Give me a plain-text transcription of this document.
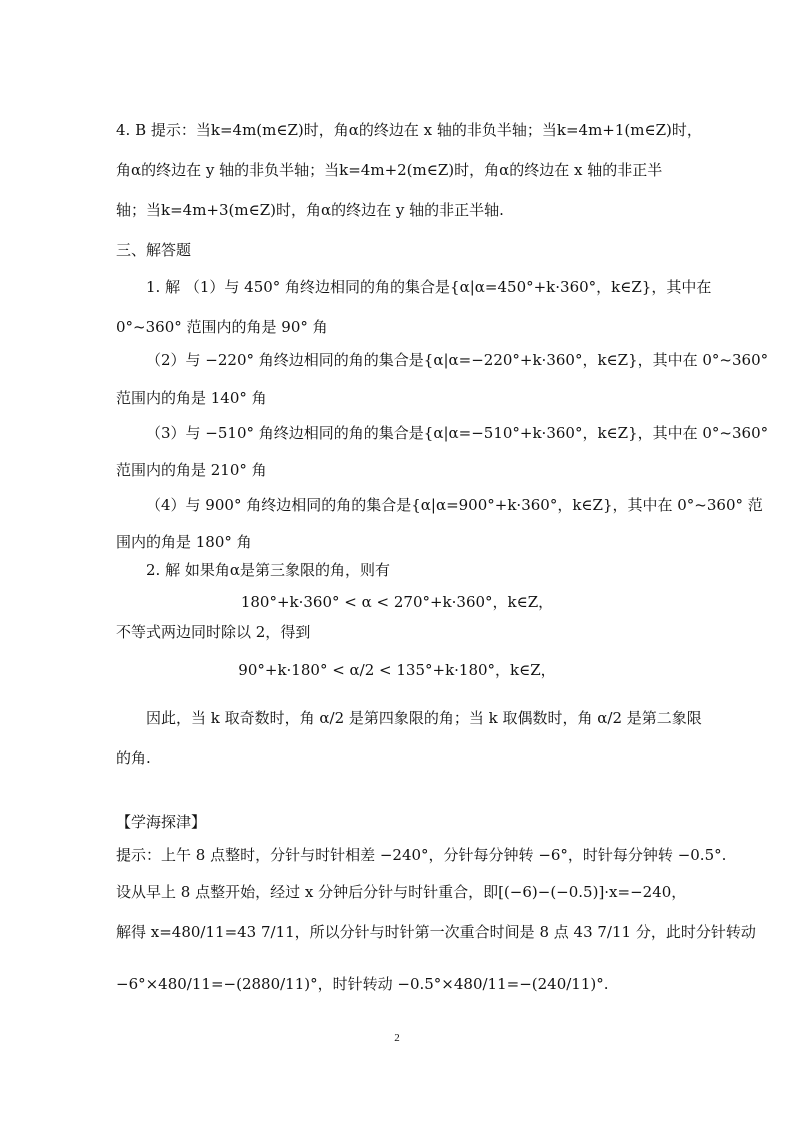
4. B 提示：当k=4m(m∈Z)时，角α的终边在 x 轴的非负半轴；当k=4m+1(m∈Z)时，
角α的终边在 y 轴的非负半轴；当k=4m+2(m∈Z)时，角α的终边在 x 轴的非正半
轴；当k=4m+3(m∈Z)时，角α的终边在 y 轴的非正半轴.
三、解答题
1. 解 （1）与 450° 角终边相同的角的集合是{α|α=450°+k·360°，k∈Z}，其中在
0°~360° 范围内的角是 90° 角
（2）与 −220° 角终边相同的角的集合是{α|α=−220°+k·360°，k∈Z}，其中在 0°~360°
范围内的角是 140° 角
（3）与 −510° 角终边相同的角的集合是{α|α=−510°+k·360°，k∈Z}，其中在 0°~360°
范围内的角是 210° 角
（4）与 900° 角终边相同的角的集合是{α|α=900°+k·360°，k∈Z}，其中在 0°~360° 范
围内的角是 180° 角
2. 解 如果角α是第三象限的角，则有
180°+k·360° < α < 270°+k·360°，k∈Z，
不等式两边同时除以 2，得到
90°+k·180° < α/2 < 135°+k·180°，k∈Z，
因此，当 k 取奇数时，角 α/2 是第四象限的角；当 k 取偶数时，角 α/2 是第二象限
的角.
【学海探津】
提示：上午 8 点整时，分针与时针相差 −240°，分针每分钟转 −6°，时针每分钟转 −0.5°.
设从早上 8 点整开始，经过 x 分钟后分针与时针重合，即[(−6)−(−0.5)]·x=−240，
解得 x=480/11=43 7/11，所以分针与时针第一次重合时间是 8 点 43 7/11 分，此时分针转动
−6°×480/11=−(2880/11)°，时针转动 −0.5°×480/11=−(240/11)°.
2
